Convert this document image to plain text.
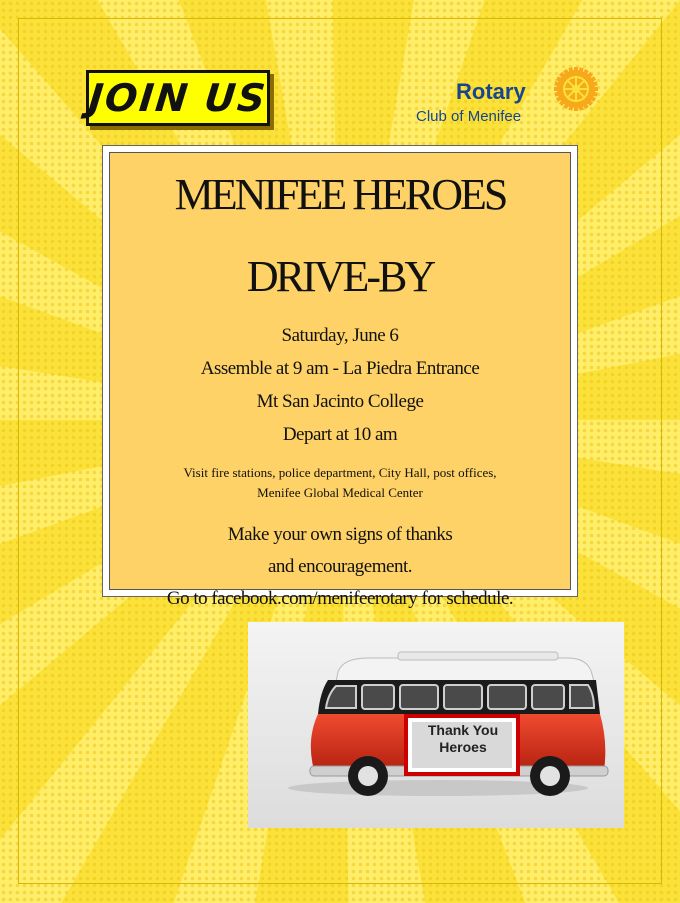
JOIN US	Rotary
Club of Menifee
MENIFEE HEROES
DRIVE-BY
Saturday, June 6
Assemble at 9 am - La Piedra Entrance
Mt San Jacinto College
Depart at 10 am
Visit fire stations, police department, City Hall, post offices,
Menifee Global Medical Center
Make your own signs of thanks
and encouragement.
Go to facebook.com/menifeerotary for schedule.
Thank You
Heroes
